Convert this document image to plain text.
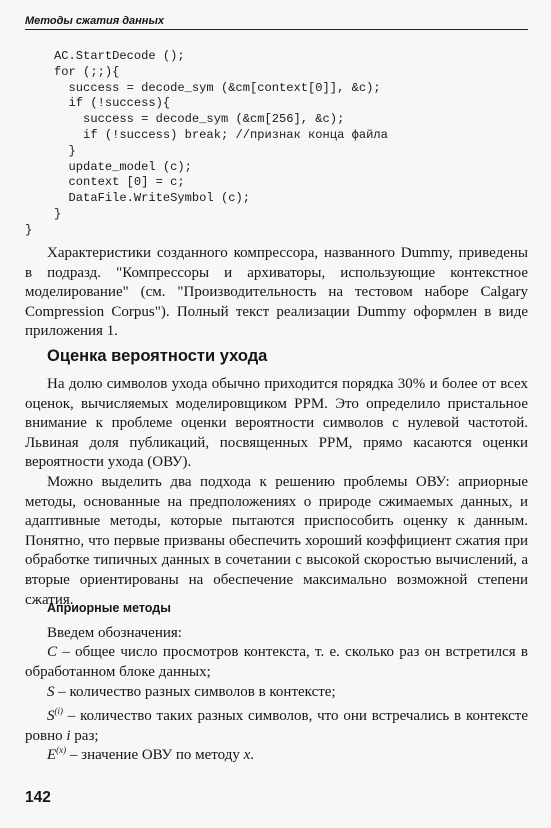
Методы сжатия данных
AC.StartDecode ();
for (;;){
success = decode_sym (&cm[context[0]], &c);
if (!success){
success = decode_sym (&cm[256], &c);
if (!success) break; //признак конца файла
}
update_model (c);
context [0] = c;
DataFile.WriteSymbol (c);
}
}

Характеристики созданного компрессора, названного Dummy, приведены в подразд. "Компрессоры и архиваторы, использующие контекстное моделирование" (см. "Производительность на тестовом наборе Calgary Compression Corpus"). Полный текст реализации Dummy оформлен в виде приложения 1.

Оценка вероятности ухода

На долю символов ухода обычно приходится порядка 30% и более от всех оценок, вычисляемых моделировщиком PPM. Это определило пристальное внимание к проблеме оценки вероятности символов с нулевой частотой. Львиная доля публикаций, посвященных PPM, прямо касаются оценки вероятности ухода (ОВУ).

Можно выделить два подхода к решению проблемы ОВУ: априорные методы, основанные на предположениях о природе сжимаемых данных, и адаптивные методы, которые пытаются приспособить оценку к данным. Понятно, что первые призваны обеспечить хороший коэффициент сжатия при обработке типичных данных в сочетании с высокой скоростью вычислений, а вторые ориентированы на обеспечение максимально возможной степени сжатия.

Априорные методы

Введем обозначения:

C – общее число просмотров контекста, т. е. сколько раз он встретился в обработанном блоке данных;

S – количество разных символов в контексте;

$S^{(i)}$ – количество таких разных символов, что они встречались в контексте ровно i раз;

$E^{(x)}$ – значение ОВУ по методу x.

142
